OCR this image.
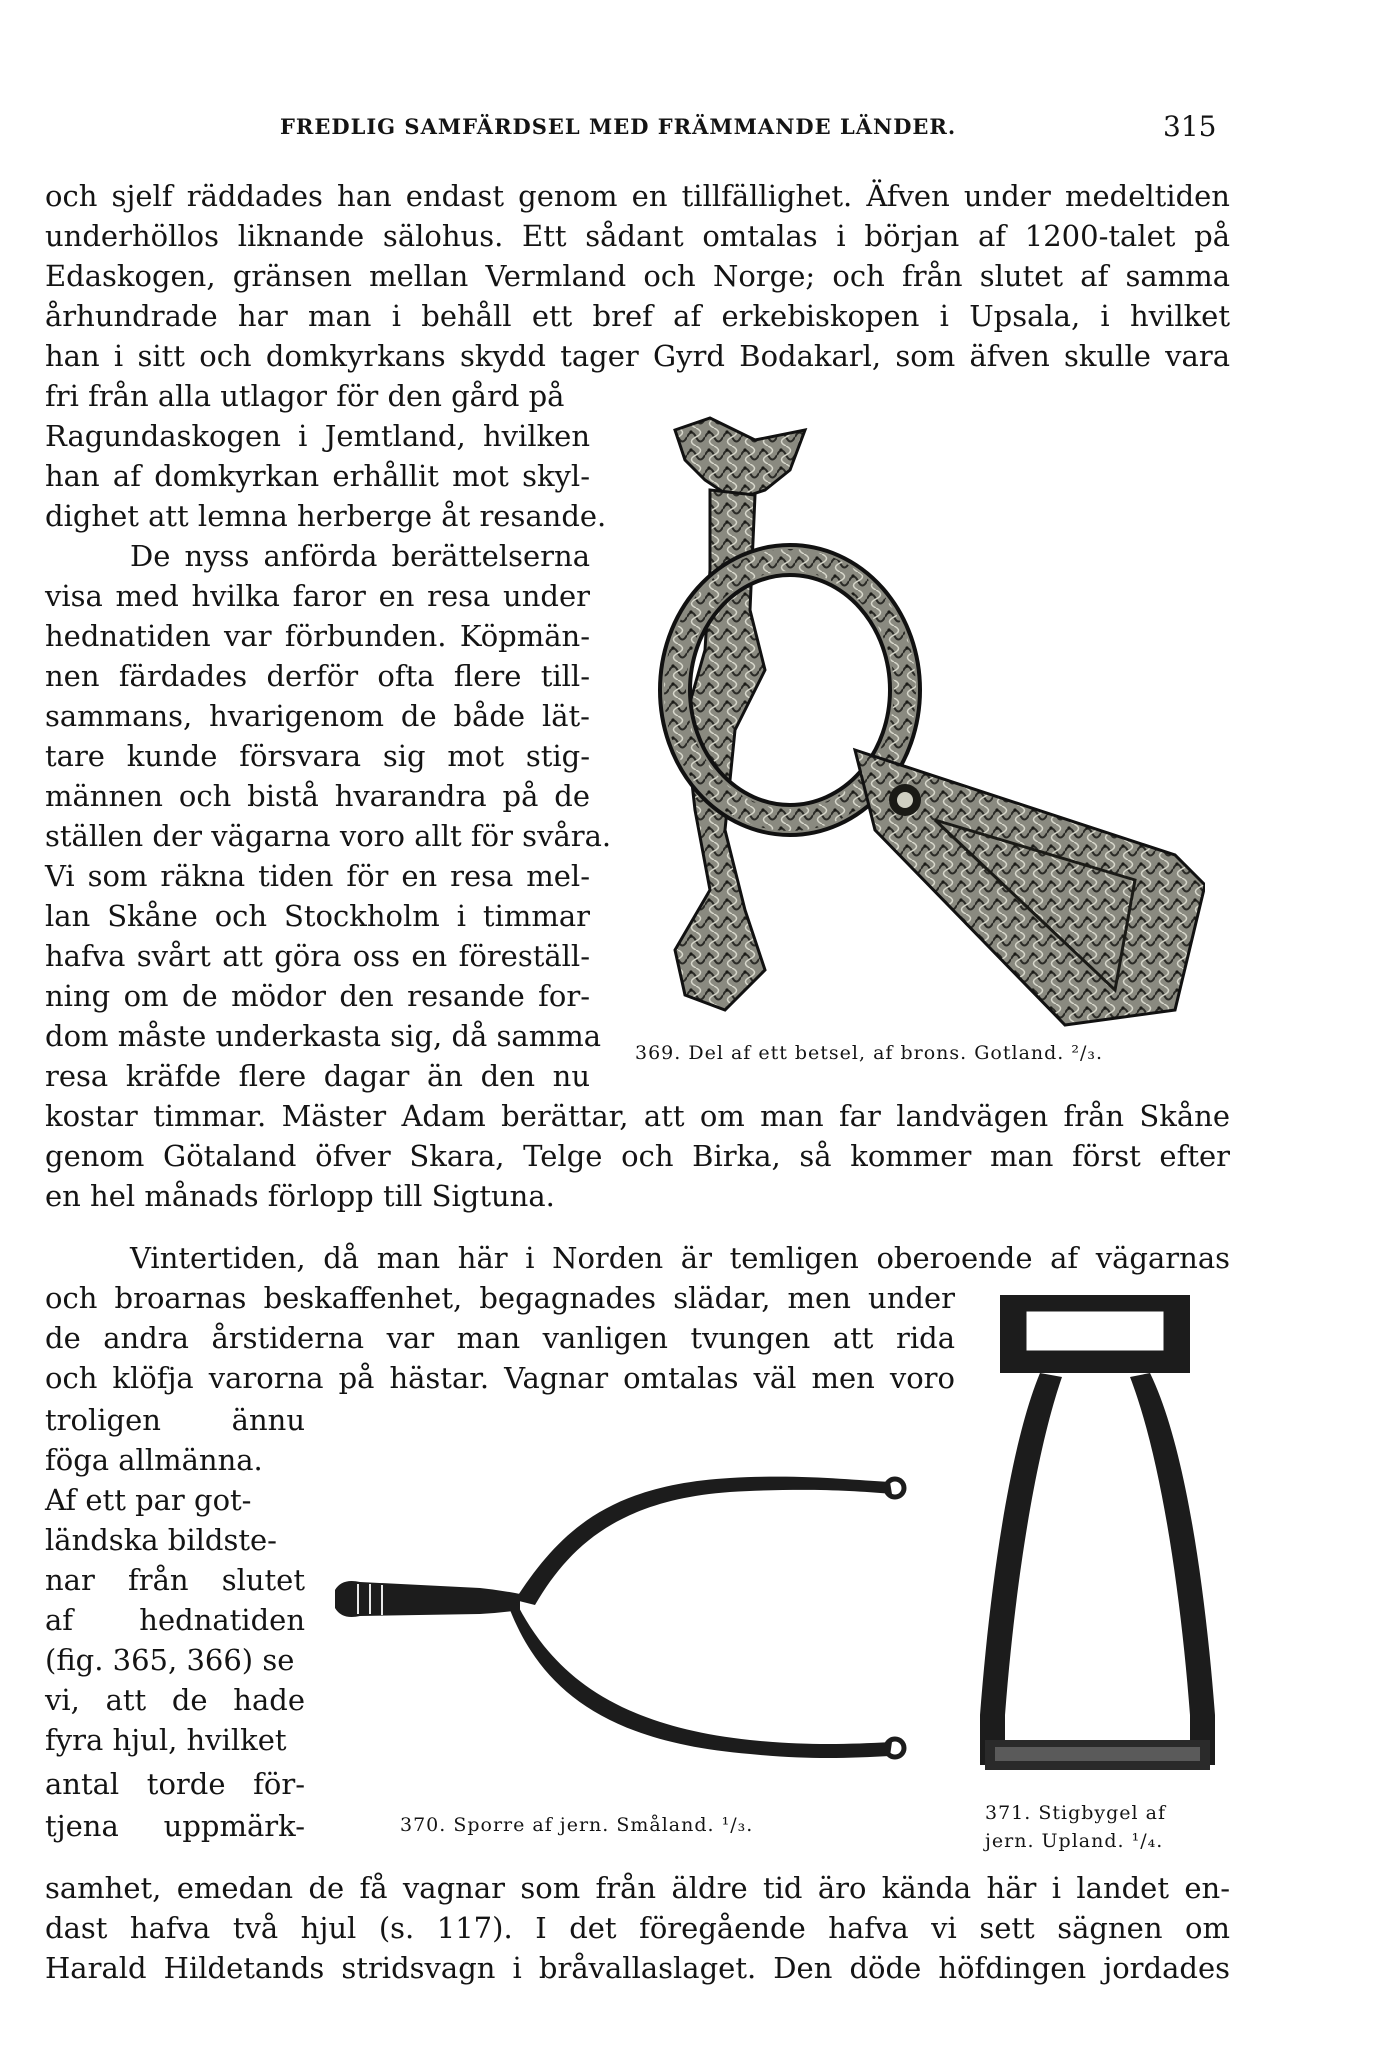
FREDLIG SAMFÄRDSEL MED FRÄMMANDE LÄNDER.	315
och sjelf räddades han endast genom en tillfällighet. Äfven under medeltiden
underhöllos liknande sälohus. Ett sådant omtalas i början af 1200-talet på
Edaskogen, gränsen mellan Vermland och Norge; och från slutet af samma
århundrade har man i behåll ett bref af erkebiskopen i Upsala, i hvilket
han i sitt och domkyrkans skydd tager Gyrd Bodakarl, som äfven skulle vara
fri från alla utlagor för den gård på
Ragundaskogen i Jemtland, hvilken
han af domkyrkan erhållit mot skyl-
dighet att lemna herberge åt resande.
De nyss anförda berättelserna
visa med hvilka faror en resa under
hednatiden var förbunden. Köpmän-
nen färdades derför ofta flere till-
sammans, hvarigenom de både lät-
tare kunde försvara sig mot stig-
männen och bistå hvarandra på de
ställen der vägarna voro allt för svåra.
Vi som räkna tiden för en resa mel-
lan Skåne och Stockholm i timmar
hafva svårt att göra oss en föreställ-
ning om de mödor den resande for-
dom måste underkasta sig, då samma
resa kräfde flere dagar än den nu
369. Del af ett betsel, af brons. Gotland. ²/₃.
kostar timmar. Mäster Adam berättar, att om man far landvägen från Skåne
genom Götaland öfver Skara, Telge och Birka, så kommer man först efter
en hel månads förlopp till Sigtuna.
Vintertiden, då man här i Norden är temligen oberoende af vägarnas
och broarnas beskaffenhet, begagnades slädar, men under
de andra årstiderna var man vanligen tvungen att rida
och klöfja varorna på hästar. Vagnar omtalas väl men voro
troligen ännu
föga allmänna.
Af ett par got-
ländska bildste-
nar från slutet
af hednatiden
(fig. 365, 366) se
vi, att de hade
fyra hjul, hvilket
antal torde för-
tjena uppmärk-	370. Sporre af jern. Småland. ¹/₃.
371. Stigbygel af
jern. Upland. ¹/₄.
samhet, emedan de få vagnar som från äldre tid äro kända här i landet en-
dast hafva två hjul (s. 117). I det föregående hafva vi sett sägnen om
Harald Hildetands stridsvagn i bråvallaslaget. Den döde höfdingen jordades
